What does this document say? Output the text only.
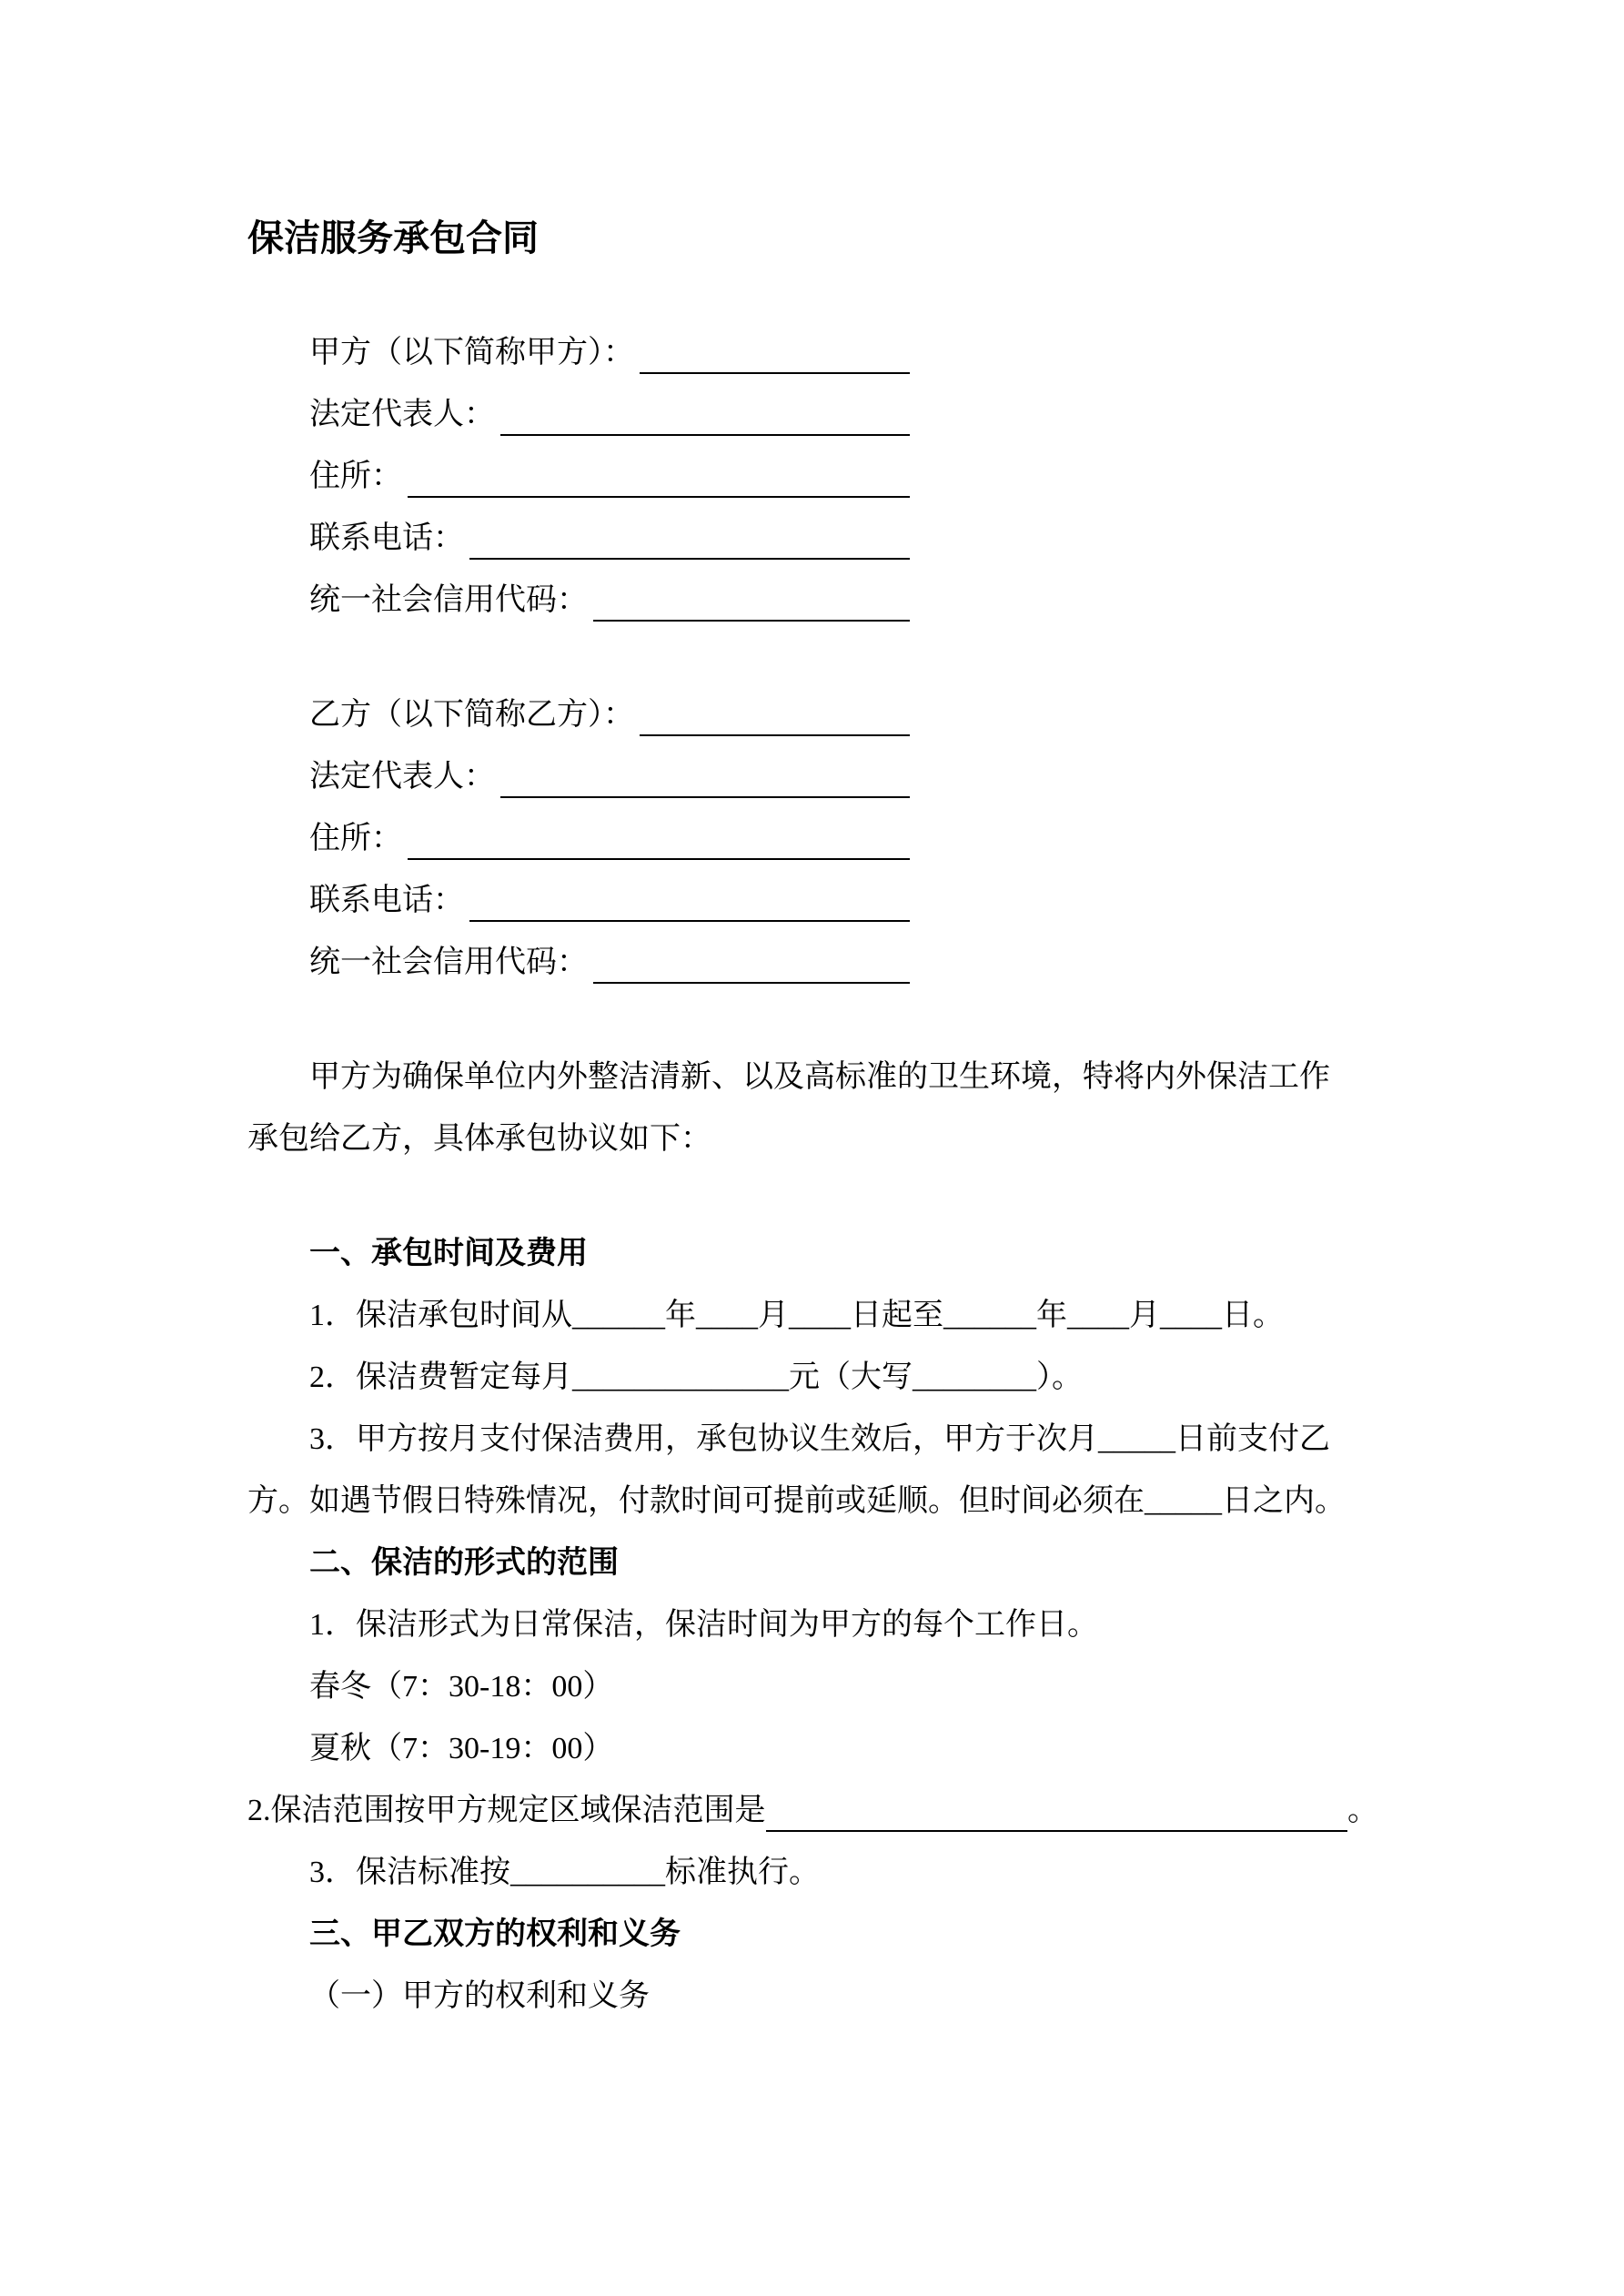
保洁服务承包合同
甲方（以下简称甲方）：
法定代表人：
住所：
联系电话：
统一社会信用代码：
乙方（以下简称乙方）：
法定代表人：
住所：
联系电话：
统一社会信用代码：
甲方为确保单位内外整洁清新、以及高标准的卫生环境，特将内外保洁工作
承包给乙方，具体承包协议如下：
一、承包时间及费用
1．保洁承包时间从______年____月____日起至______年____月____日。
2．保洁费暂定每月______________元（大写________）。
3．甲方按月支付保洁费用，承包协议生效后，甲方于次月_____日前支付乙
方。如遇节假日特殊情况，付款时间可提前或延顺。但时间必须在_____日之内。
二、保洁的形式的范围
1．保洁形式为日常保洁，保洁时间为甲方的每个工作日。
春冬（7：30-18：00）
夏秋（7：30-19：00）
2.保洁范围按甲方规定区域保洁范围是	。
3．保洁标准按__________标准执行。
三、甲乙双方的权利和义务
（一）甲方的权利和义务
